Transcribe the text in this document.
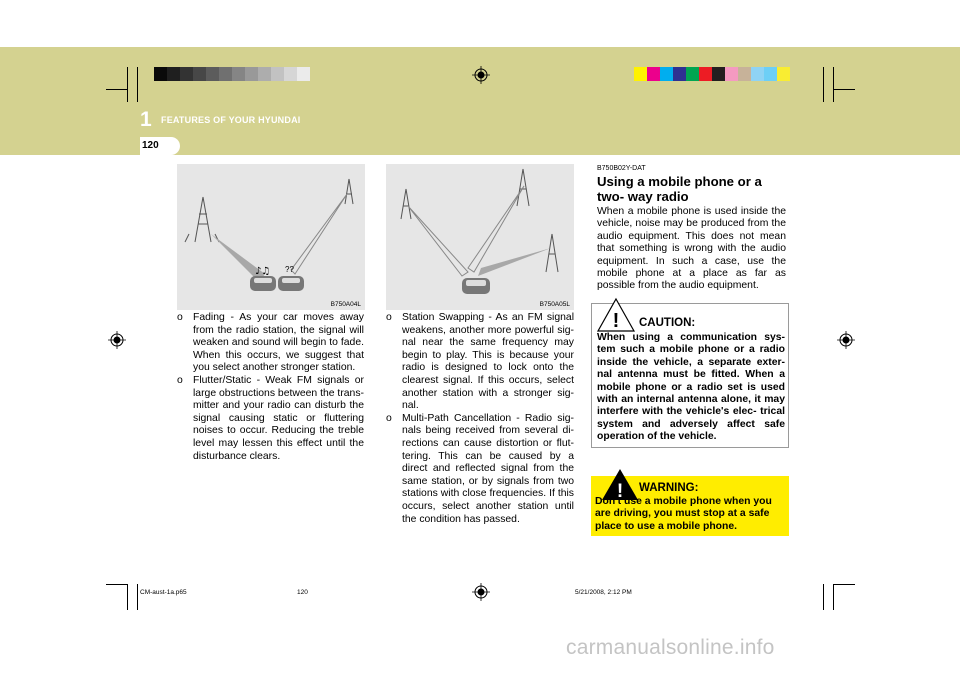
1 FEATURES OF YOUR HYUNDAI
120
♪♫ ??
B750A04L	B750A05L
o Fading - As your car moves away from the radio station, the signal will weaken and sound will begin to fade. When this occurs, we suggest that you select another stronger station.
o Flutter/Static - Weak FM signals or large obstructions between the trans- mitter and your radio can disturb the signal causing static or fluttering noises to occur. Reducing the treble level may lessen this effect until the disturbance clears.
o Station Swapping - As an FM signal weakens, another more powerful sig- nal near the same frequency may begin to play. This is because your radio is designed to lock onto the clearest signal. If this occurs, select another station with a stronger sig- nal.
o Multi-Path Cancellation - Radio sig- nals being received from several di- rections can cause distortion or flut- tering. This can be caused by a direct and reflected signal from the same station, or by signals from two stations with close frequencies. If this occurs, select another station until the condition has passed.
B750B02Y-DAT
Using a mobile phone or a two- way radio
When a mobile phone is used inside the vehicle, noise may be produced from the audio equipment. This does not mean that something is wrong with the audio equipment. In such a case, use the mobile phone at a place as far as possible from the audio equipment.
! CAUTION:
When using a communication sys- tem such a mobile phone or a radio inside the vehicle, a separate exter- nal antenna must be fitted. When a mobile phone or a radio set is used with an internal antenna alone, it may interfere with the vehicle's elec- trical system and adversely affect safe operation of the vehicle.
! WARNING:
Don't use a mobile phone when you are driving, you must stop at a safe place to use a mobile phone.
CM-aust-1a.p65	120	5/21/2008, 2:12 PM
carmanualsonline.info
